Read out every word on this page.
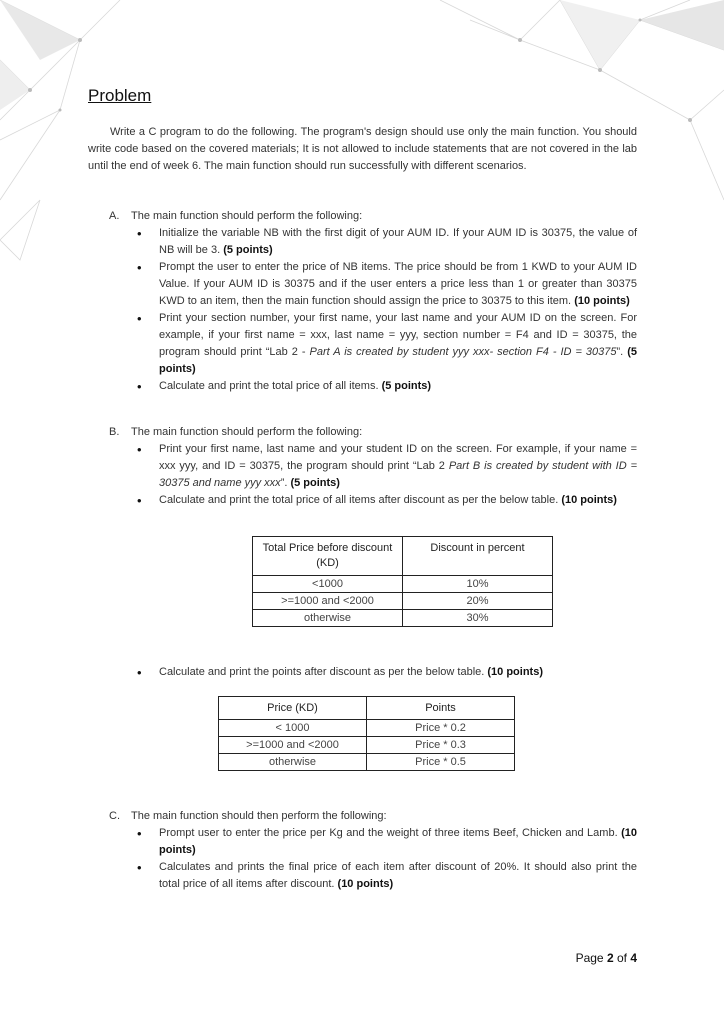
Problem
Write a C program to do the following. The program's design should use only the main function. You should write code based on the covered materials; It is not allowed to include statements that are not covered in the lab until the end of week 6. The main function should run successfully with different scenarios.
A. The main function should perform the following:
• Initialize the variable NB with the first digit of your AUM ID. If your AUM ID is 30375, the value of NB will be 3. (5 points)
• Prompt the user to enter the price of NB items. The price should be from 1 KWD to your AUM ID Value. If your AUM ID is 30375 and if the user enters a price less than 1 or greater than 30375 KWD to an item, then the main function should assign the price to 30375 to this item. (10 points)
• Print your section number, your first name, your last name and your AUM ID on the screen. For example, if your first name = xxx, last name = yyy, section number = F4 and ID = 30375, the program should print “Lab 2 - Part A is created by student yyy xxx- section F4 - ID = 30375”. (5 points)
• Calculate and print the total price of all items. (5 points)
B. The main function should perform the following:
• Print your first name, last name and your student ID on the screen. For example, if your name = xxx yyy, and ID = 30375, the program should print “Lab 2 Part B is created by student with ID = 30375 and name yyy xxx”. (5 points)
• Calculate and print the total price of all items after discount as per the below table. (10 points)
Total Price before discount (KD)	Discount in percent
<1000	10%
>=1000 and <2000	20%
otherwise	30%
• Calculate and print the points after discount as per the below table. (10 points)
Price (KD)	Points
< 1000	Price * 0.2
>=1000 and <2000	Price * 0.3
otherwise	Price * 0.5
C. The main function should then perform the following:
• Prompt user to enter the price per Kg and the weight of three items Beef, Chicken and Lamb. (10 points)
• Calculates and prints the final price of each item after discount of 20%. It should also print the total price of all items after discount. (10 points)
Page 2 of 4
